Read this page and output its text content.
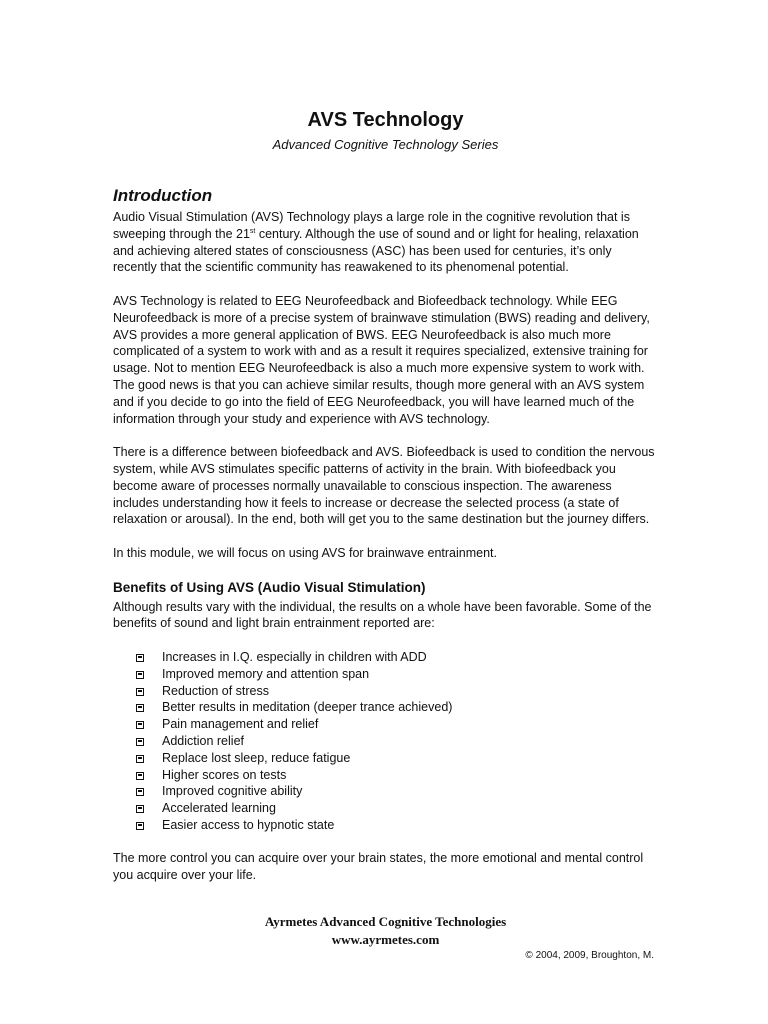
AVS Technology

Advanced Cognitive Technology Series

Introduction

Audio Visual Stimulation (AVS) Technology plays a large role in the cognitive revolution that is sweeping through the 21st century. Although the use of sound and or light for healing, relaxation and achieving altered states of consciousness (ASC) has been used for centuries, it’s only recently that the scientific community has reawakened to its phenomenal potential.

AVS Technology is related to EEG Neurofeedback and Biofeedback technology. While EEG Neurofeedback is more of a precise system of brainwave stimulation (BWS) reading and delivery, AVS provides a more general application of BWS. EEG Neurofeedback is also much more complicated of a system to work with and as a result it requires specialized, extensive training for usage. Not to mention EEG Neurofeedback is also a much more expensive system to work with. The good news is that you can achieve similar results, though more general with an AVS system and if you decide to go into the field of EEG Neurofeedback, you will have learned much of the information through your study and experience with AVS technology.

There is a difference between biofeedback and AVS. Biofeedback is used to condition the nervous system, while AVS stimulates specific patterns of activity in the brain. With biofeedback you become aware of processes normally unavailable to conscious inspection. The awareness includes understanding how it feels to increase or decrease the selected process (a state of relaxation or arousal). In the end, both will get you to the same destination but the journey differs.

In this module, we will focus on using AVS for brainwave entrainment.

Benefits of Using AVS (Audio Visual Stimulation)

Although results vary with the individual, the results on a whole have been favorable. Some of the benefits of sound and light brain entrainment reported are:

Increases in I.Q. especially in children with ADD
Improved memory and attention span
Reduction of stress
Better results in meditation (deeper trance achieved)
Pain management and relief
Addiction relief
Replace lost sleep, reduce fatigue
Higher scores on tests
Improved cognitive ability
Accelerated learning
Easier access to hypnotic state

The more control you can acquire over your brain states, the more emotional and mental control you acquire over your life.

Ayrmetes Advanced Cognitive Technologies

www.ayrmetes.com

© 2004, 2009, Broughton, M.
